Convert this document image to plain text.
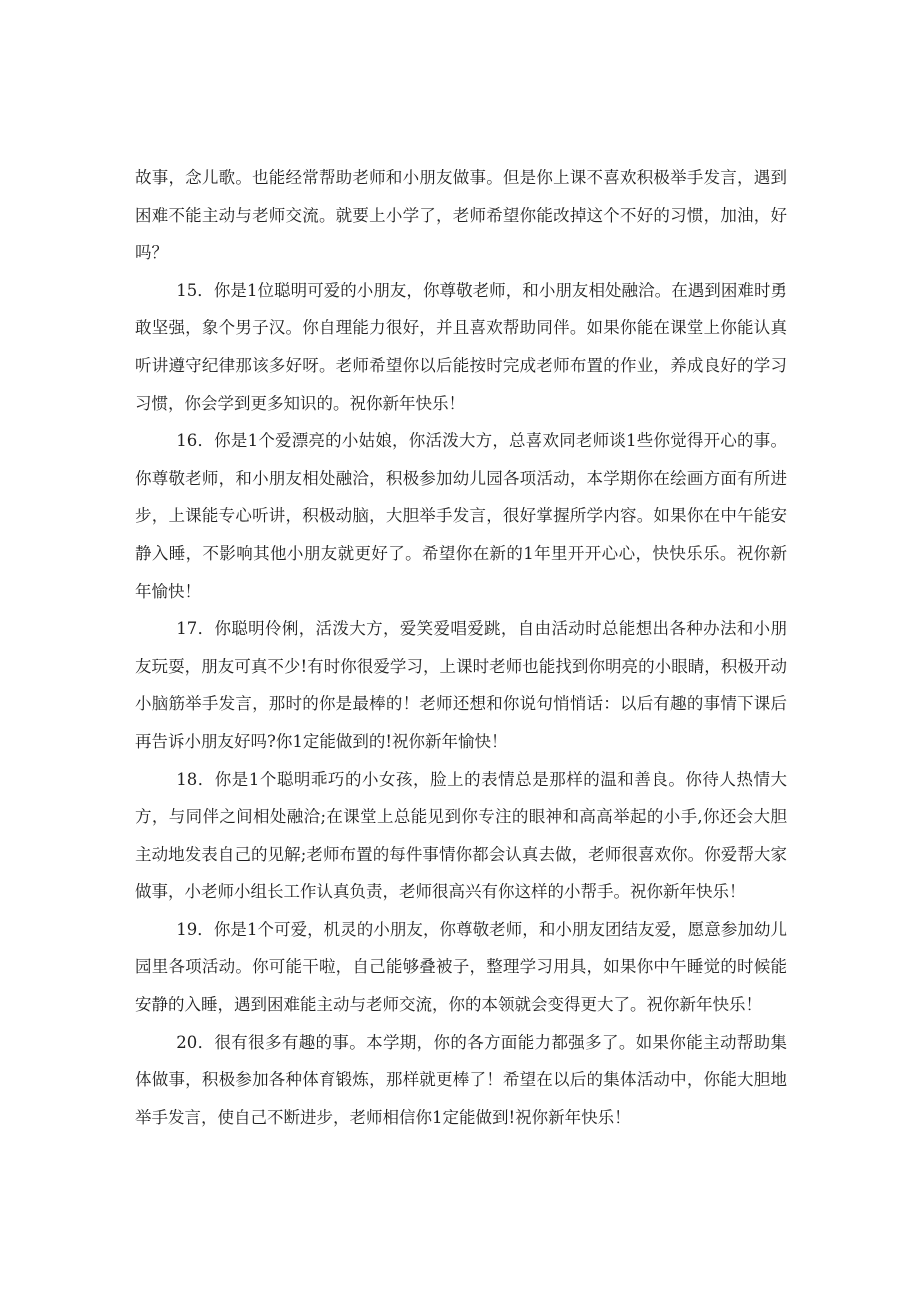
故事，念儿歌。也能经常帮助老师和小朋友做事。但是你上课不喜欢积极举手发言，遇到困难不能主动与老师交流。就要上小学了，老师希望你能改掉这个不好的习惯，加油，好吗？

15．你是1位聪明可爱的小朋友，你尊敬老师，和小朋友相处融洽。在遇到困难时勇敢坚强，象个男子汉。你自理能力很好，并且喜欢帮助同伴。如果你能在课堂上你能认真听讲遵守纪律那该多好呀。老师希望你以后能按时完成老师布置的作业，养成良好的学习习惯，你会学到更多知识的。祝你新年快乐！

16．你是1个爱漂亮的小姑娘，你活泼大方，总喜欢同老师谈1些你觉得开心的事。你尊敬老师，和小朋友相处融洽，积极参加幼儿园各项活动，本学期你在绘画方面有所进步，上课能专心听讲，积极动脑，大胆举手发言，很好掌握所学内容。如果你在中午能安静入睡，不影响其他小朋友就更好了。希望你在新的1年里开开心心，快快乐乐。祝你新年愉快！

17．你聪明伶俐，活泼大方，爱笑爱唱爱跳，自由活动时总能想出各种办法和小朋友玩耍，朋友可真不少!有时你很爱学习，上课时老师也能找到你明亮的小眼睛，积极开动小脑筋举手发言，那时的你是最棒的！老师还想和你说句悄悄话：以后有趣的事情下课后再告诉小朋友好吗?你1定能做到的!祝你新年愉快！

18．你是1个聪明乖巧的小女孩，脸上的表情总是那样的温和善良。你待人热情大方，与同伴之间相处融洽;在课堂上总能见到你专注的眼神和高高举起的小手,你还会大胆主动地发表自己的见解;老师布置的每件事情你都会认真去做，老师很喜欢你。你爱帮大家做事，小老师小组长工作认真负责，老师很高兴有你这样的小帮手。祝你新年快乐！

19．你是1个可爱，机灵的小朋友，你尊敬老师，和小朋友团结友爱，愿意参加幼儿园里各项活动。你可能干啦，自己能够叠被子，整理学习用具，如果你中午睡觉的时候能安静的入睡，遇到困难能主动与老师交流，你的本领就会变得更大了。祝你新年快乐！

20．很有很多有趣的事。本学期，你的各方面能力都强多了。如果你能主动帮助集体做事，积极参加各种体育锻炼，那样就更棒了！希望在以后的集体活动中，你能大胆地举手发言，使自己不断进步，老师相信你1定能做到!祝你新年快乐！
